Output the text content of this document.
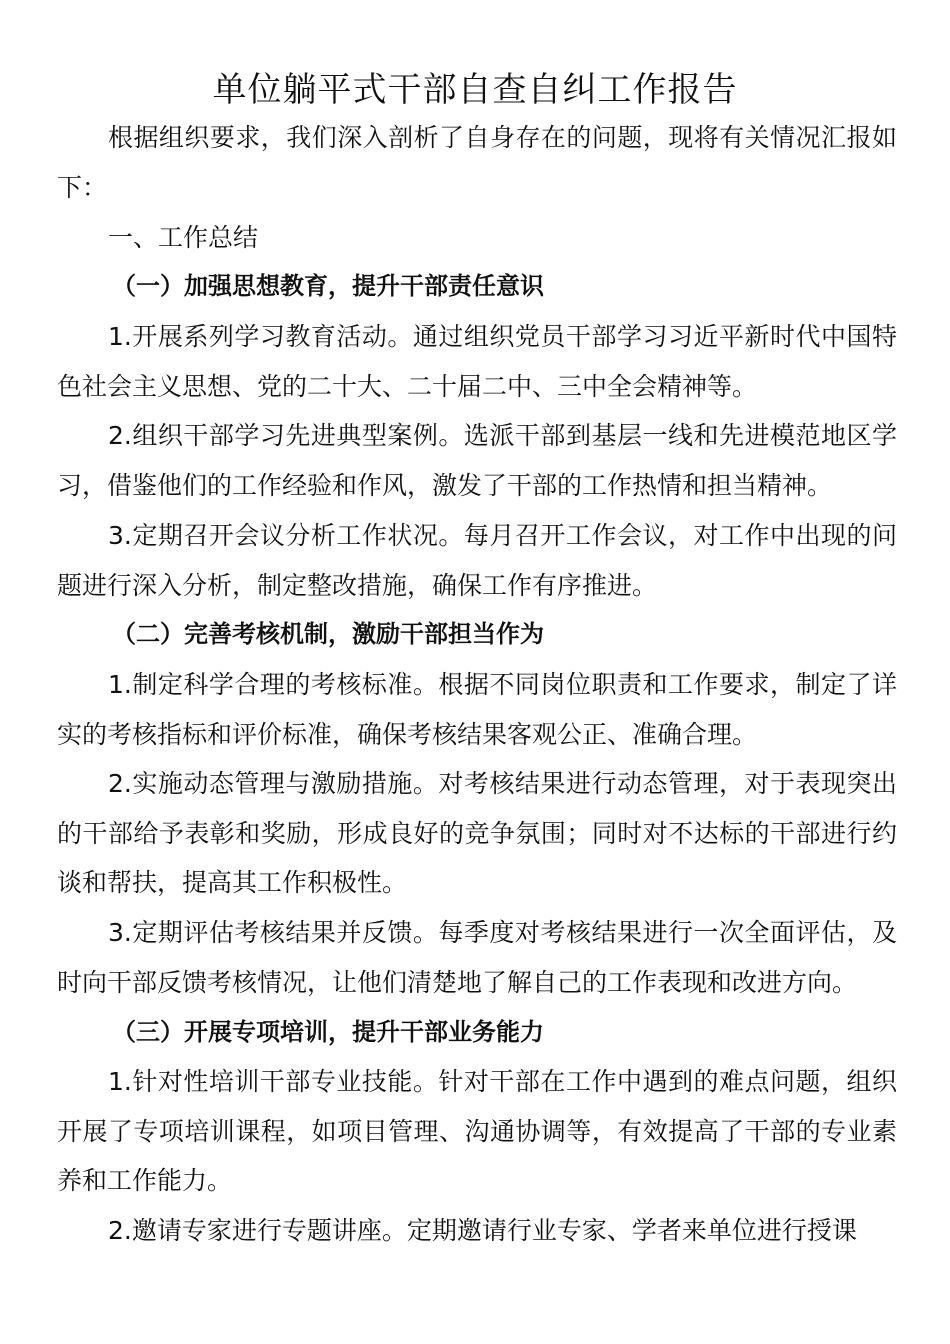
单位躺平式干部自查自纠工作报告

根据组织要求，我们深入剖析了自身存在的问题，现将有关情况汇报如下：

一、工作总结

（一）加强思想教育，提升干部责任意识

1.开展系列学习教育活动。通过组织党员干部学习习近平新时代中国特色社会主义思想、党的二十大、二十届二中、三中全会精神等。

2.组织干部学习先进典型案例。选派干部到基层一线和先进模范地区学习，借鉴他们的工作经验和作风，激发了干部的工作热情和担当精神。

3.定期召开会议分析工作状况。每月召开工作会议，对工作中出现的问题进行深入分析，制定整改措施，确保工作有序推进。

（二）完善考核机制，激励干部担当作为

1.制定科学合理的考核标准。根据不同岗位职责和工作要求，制定了详实的考核指标和评价标准，确保考核结果客观公正、准确合理。

2.实施动态管理与激励措施。对考核结果进行动态管理，对于表现突出的干部给予表彰和奖励，形成良好的竞争氛围；同时对不达标的干部进行约谈和帮扶，提高其工作积极性。

3.定期评估考核结果并反馈。每季度对考核结果进行一次全面评估，及时向干部反馈考核情况，让他们清楚地了解自己的工作表现和改进方向。

（三）开展专项培训，提升干部业务能力

1.针对性培训干部专业技能。针对干部在工作中遇到的难点问题，组织开展了专项培训课程，如项目管理、沟通协调等，有效提高了干部的专业素养和工作能力。

2.邀请专家进行专题讲座。定期邀请行业专家、学者来单位进行授课
